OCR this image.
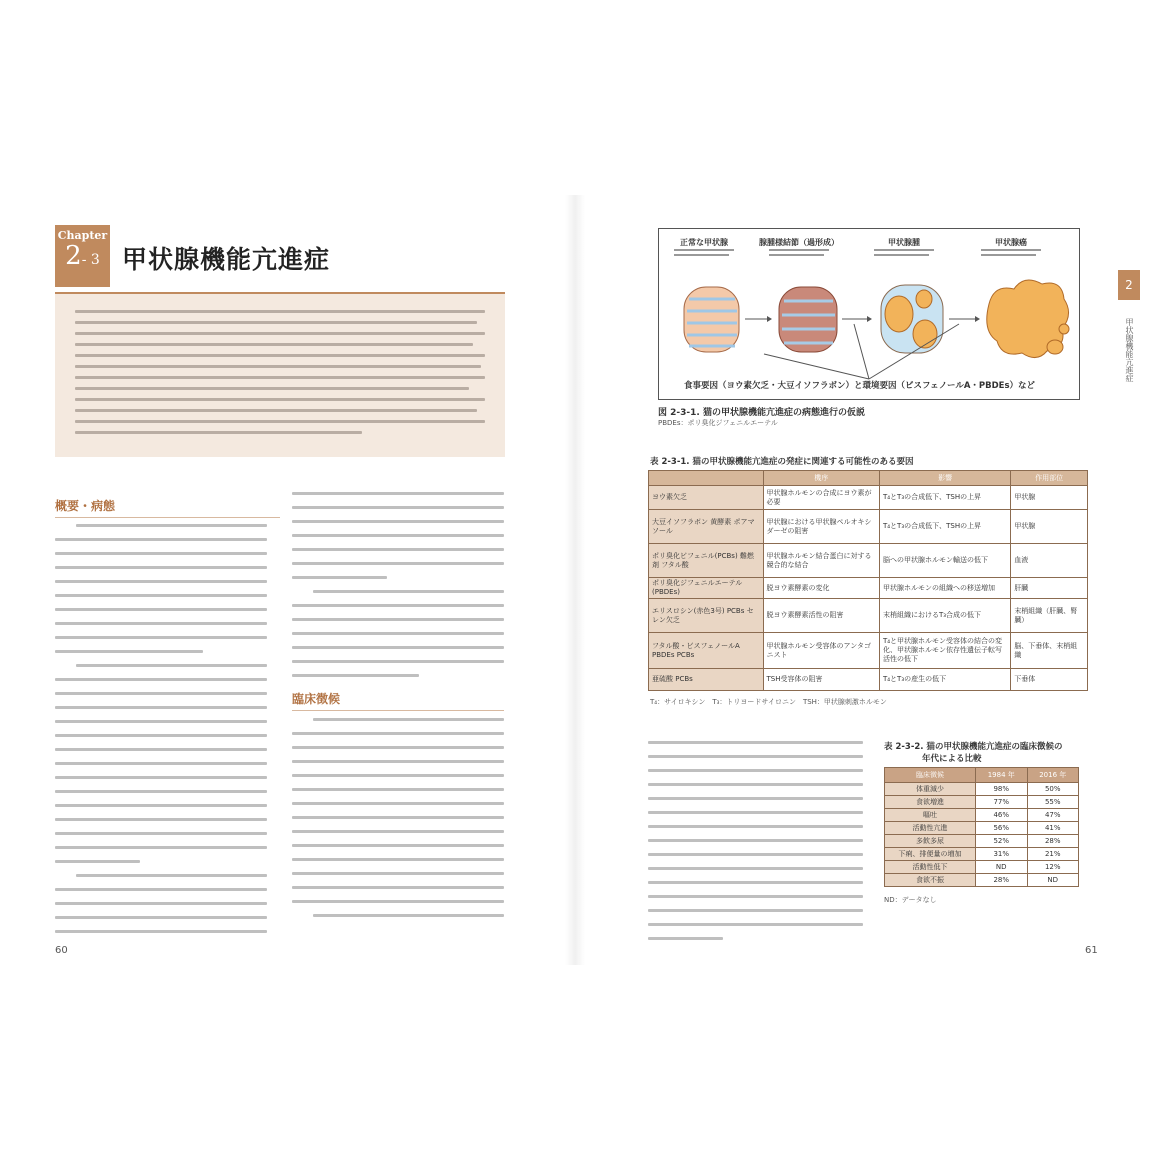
Chapter
2- 3 甲状腺機能亢進症
概要・病態
臨床徴候
60
正常な甲状腺	腺腫様結節（過形成）	甲状腺腫	甲状腺癌
食事要因（ヨウ素欠乏・大豆イソフラボン）と環境要因（ビスフェノールA・PBDEs）など
図 2-3-1. 猫の甲状腺機能亢進症の病態進行の仮説
PBDEs：ポリ臭化ジフェニルエーテル
表 2-3-1. 猫の甲状腺機能亢進症の発症に関連する可能性のある要因
	機序	影響	作用部位
ヨウ素欠乏	甲状腺ホルモンの合成にヨウ素が必要	T₄とT₃の合成低下、TSHの上昇	甲状腺
大豆イソフラボン 黄酵素 ポアマソール	甲状腺における甲状腺ペルオキシダーゼの阻害	T₄とT₃の合成低下、TSHの上昇	甲状腺
ポリ臭化ビフェニル(PCBs) 難燃剤 フタル酸	甲状腺ホルモン結合蛋白に対する競合的な結合	脳への甲状腺ホルモン輸送の低下	血液
ポリ臭化ジフェニルエーテル(PBDEs)	脱ヨウ素酵素の変化	甲状腺ホルモンの組織への移送増加	肝臓
エリスロシン(赤色3号) PCBs セレン欠乏	脱ヨウ素酵素活性の阻害	末梢組織におけるT₃合成の低下	末梢組織（肝臓、腎臓）
フタル酸・ビスフェノールA PBDEs PCBs	甲状腺ホルモン受容体のアンタゴニスト	T₄と甲状腺ホルモン受容体の結合の変化、甲状腺ホルモン依存性遺伝子転写活性の低下	脳、下垂体、末梢組織
亜硫酸 PCBs	TSH受容体の阻害	T₄とT₃の産生の低下	下垂体
T₄：サイロキシン　T₃：トリヨードサイロニン　TSH：甲状腺刺激ホルモン
表 2-3-2. 猫の甲状腺機能亢進症の臨床徴候の
年代による比較
臨床徴候	1984 年	2016 年
体重減少	98%	50%
食欲増進	77%	55%
嘔吐	46%	47%
活動性亢進	56%	41%
多飲多尿	52%	28%
下痢、排便量の増加	31%	21%
活動性低下	ND	12%
食欲不振	28%	ND
ND：データなし
61
2
甲状腺機能亢進症
